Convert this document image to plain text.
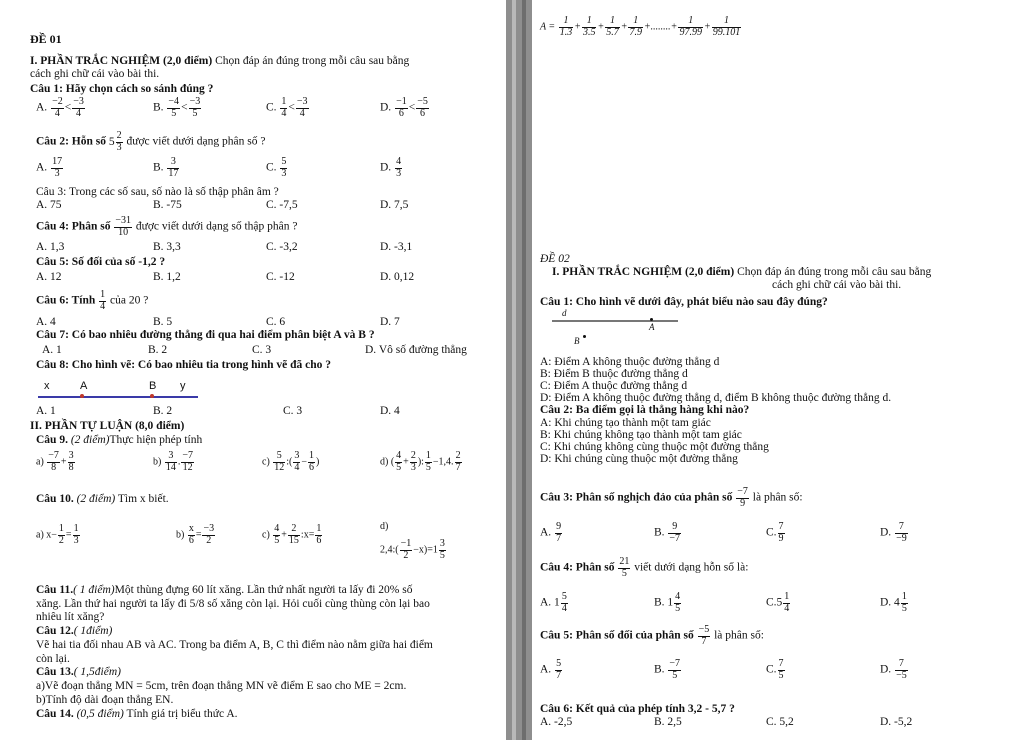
ĐỀ 01
I. PHẦN TRẮC NGHIỆM (2,0 điểm) Chọn đáp án đúng trong mỗi câu sau bằng
cách ghi chữ cái vào bài thi.
Câu 1: Hãy chọn cách so sánh đúng ?
A. $\frac{-2}{4} < \frac{-3}{4}$	B. $\frac{-4}{5} < \frac{-3}{5}$	C. $\frac{1}{4} < \frac{-3}{4}$	D. $\frac{-1}{6} < \frac{-5}{6}$
Câu 2: Hỗn số $5 \frac{2}{3}$ được viết dưới dạng phân số ?
A. $\frac{17}{3}$	B. $\frac{3}{17}$	C. $\frac{5}{3}$	D. $\frac{4}{3}$
Câu 3: Trong các số sau, số nào là số thập phân âm ?
A. 75	B. -75	C. -7,5	D. 7,5
Câu 4: Phân số $\frac{-31}{10}$ được viết dưới dạng số thập phân ?
A. 1,3	B. 3,3	C. -3,2	D. -3,1
Câu 5: Số đối của số -1,2 ?
A. 12	B. 1,2	C. -12	D. 0,12
Câu 6: Tính $\frac{1}{4}$ của 20 ?
A. 4	B. 5	C. 6	D. 7
Câu 7: Có bao nhiêu đường thẳng đi qua hai điểm phân biệt A và B ?
A. 1	B. 2	C. 3	D. Vô số đường thẳng
Câu 8: Cho hình vẽ: Có bao nhiêu tia trong hình vẽ đã cho ?
x	A	B y
A. 1	B. 2	C. 3	D. 4
II. PHẦN TỰ LUẬN (8,0 điểm)
Câu 9. (2 điểm)Thực hiện phép tính
$a) \frac{-7}{8} + \frac{3}{8}$	$b) \frac{3}{14}$ . $\frac{-7}{12}$	$c) \frac{5}{12}$ :( $\frac{3}{4} - \frac{1}{6}$ )	d) ( $\frac{4}{5} + \frac{2}{3}$ ): $\frac{1}{5} -1,4$. $\frac{2}{7}$
Câu 10. (2 điểm) Tìm x biết.
a) $x- \frac{1}{2} = \frac{1}{3}$	$b) \frac{x}{6} = \frac{-3}{2}$	$c) \frac{4}{5} + \frac{2}{15}$ :x= $\frac{1}{6}$	d)
2,4:( $\frac{-1}{2} -x)=1 \frac{3}{5}$
Câu 11.( 1 điểm)Một thùng đựng 60 lít xăng. Lần thứ nhất người ta lấy đi 20% số
xăng. Lần thứ hai người ta lấy đi 5/8 số xăng còn lại. Hỏi cuối cùng thùng còn lại bao
nhiêu lít xăng?
Câu 12.( 1điểm)
Vẽ hai tia đối nhau AB và AC. Trong ba điểm A, B, C thì điểm nào nằm giữa hai điểm
còn lại.
Câu 13.( 1,5điểm)
a)Vẽ đoạn thẳng MN = 5cm, trên đoạn thẳng MN vẽ điểm E sao cho ME = 2cm.
b)Tính độ dài đoạn thẳng EN.
Câu 14. (0,5 điểm) Tính giá trị biểu thức A.
$A = \frac{1}{1.3} + \frac{1}{3.5} + \frac{1}{5.7} + \frac{1}{7.9}$ +........+ $\frac{1}{97.99} + \frac{1}{99.101}$
ĐỀ 02
I. PHẦN TRẮC NGHIỆM (2,0 điểm) Chọn đáp án đúng trong mỗi câu sau bằng
cách ghi chữ cái vào bài thi.
Câu 1: Cho hình vẽ dưới đây, phát biểu nào sau đây đúng?
d
A
B
A: Điểm A không thuộc đường thẳng d
B: Điểm B thuộc đường thẳng d
C: Điểm A thuộc đường thẳng d
D: Điểm A không thuộc đường thẳng d, điểm B không thuộc đường thẳng d.
Câu 2: Ba điểm gọi là thẳng hàng khi nào?
A: Khi chúng tạo thành một tam giác
B: Khi chúng không tạo thành một tam giác
C: Khi chúng không cùng thuộc một đường thẳng
D: Khi chúng cùng thuộc một đường thẳng
Câu 3: Phân số nghịch đảo của phân số $\frac{-7}{9}$ là phân số:
A. $\frac{9}{7}$	B. $\frac{9}{-7}$	C. $\frac{7}{9}$	D. $\frac{7}{-9}$
Câu 4: Phân số $\frac{21}{5}$ viết dưới dạng hỗn số là:
A. $1 \frac{5}{4}$	B. $1 \frac{4}{5}$	$C.5 \frac{1}{4}$	D. $4 \frac{1}{5}$
Câu 5: Phân số đối của phân số $\frac{-5}{7}$ là phân số:
A. $\frac{5}{7}$	B. $\frac{-7}{5}$	C. $\frac{7}{5}$	D. $\frac{7}{-5}$
Câu 6: Kết quả của phép tính 3,2 - 5,7 ?
A. -2,5	B. 2,5	C. 5,2	D. -5,2
